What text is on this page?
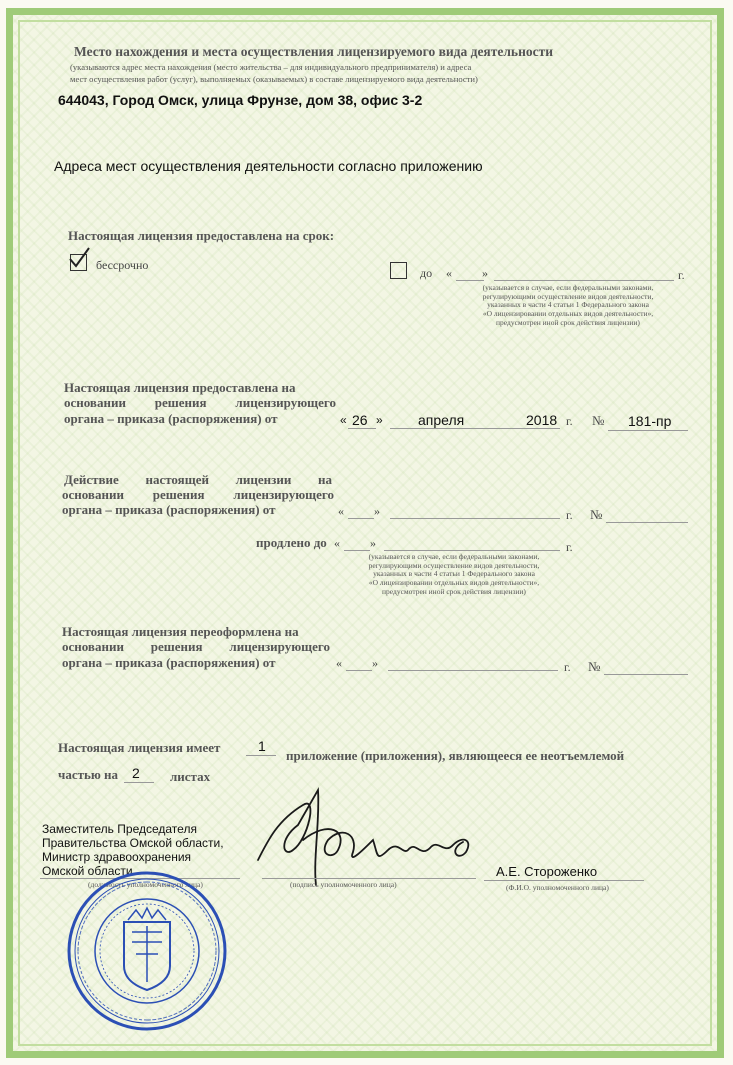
Место нахождения и места осуществления лицензируемого вида деятельности
(указываются адрес места нахождения (место жительства – для индивидуального предпринимателя) и адреса
мест осуществления работ (услуг), выполняемых (оказываемых) в составе лицензируемого вида деятельности)
644043, Город Омск, улица Фрунзе, дом 38, офис 3-2
Адреса мест осуществления деятельности согласно приложению
Настоящая лицензия предоставлена на срок:
бессрочно
до «	»	г.
(указывается в случае, если федеральными законами,
регулирующими осуществление видов деятельности,
указанных в части 4 статьи 1 Федерального закона
«О лицензировании отдельных видов деятельности»,
предусмотрен иной срок действия лицензии)
Настоящая лицензия предоставлена на
основании решения лицензирующего
органа – приказа (распоряжения) от	« 26 »	апреля	2018 г. № 181-пр
Действие настоящей лицензии на
основании решения лицензирующего
органа – приказа (распоряжения) от	«	»	г. №
продлено до «	»	г.
(указывается в случае, если федеральными законами,
регулирующими осуществление видов деятельности,
указанных в части 4 статьи 1 Федерального закона
«О лицензировании отдельных видов деятельности»,
предусмотрен иной срок действия лицензии)
Настоящая лицензия переоформлена на
основании решения лицензирующего
органа – приказа (распоряжения) от	«	»	г. №
Настоящая лицензия имеет	1
приложение (приложения), являющееся ее неотъемлемой
частью на 2 листах
Заместитель Председателя
Правительства Омской области,
Министр здравоохранения
Омской области
(должность уполномоченного лица)	(подпись уполномоченного лица)
А.Е. Стороженко
(Ф.И.О. уполномоченного лица)
